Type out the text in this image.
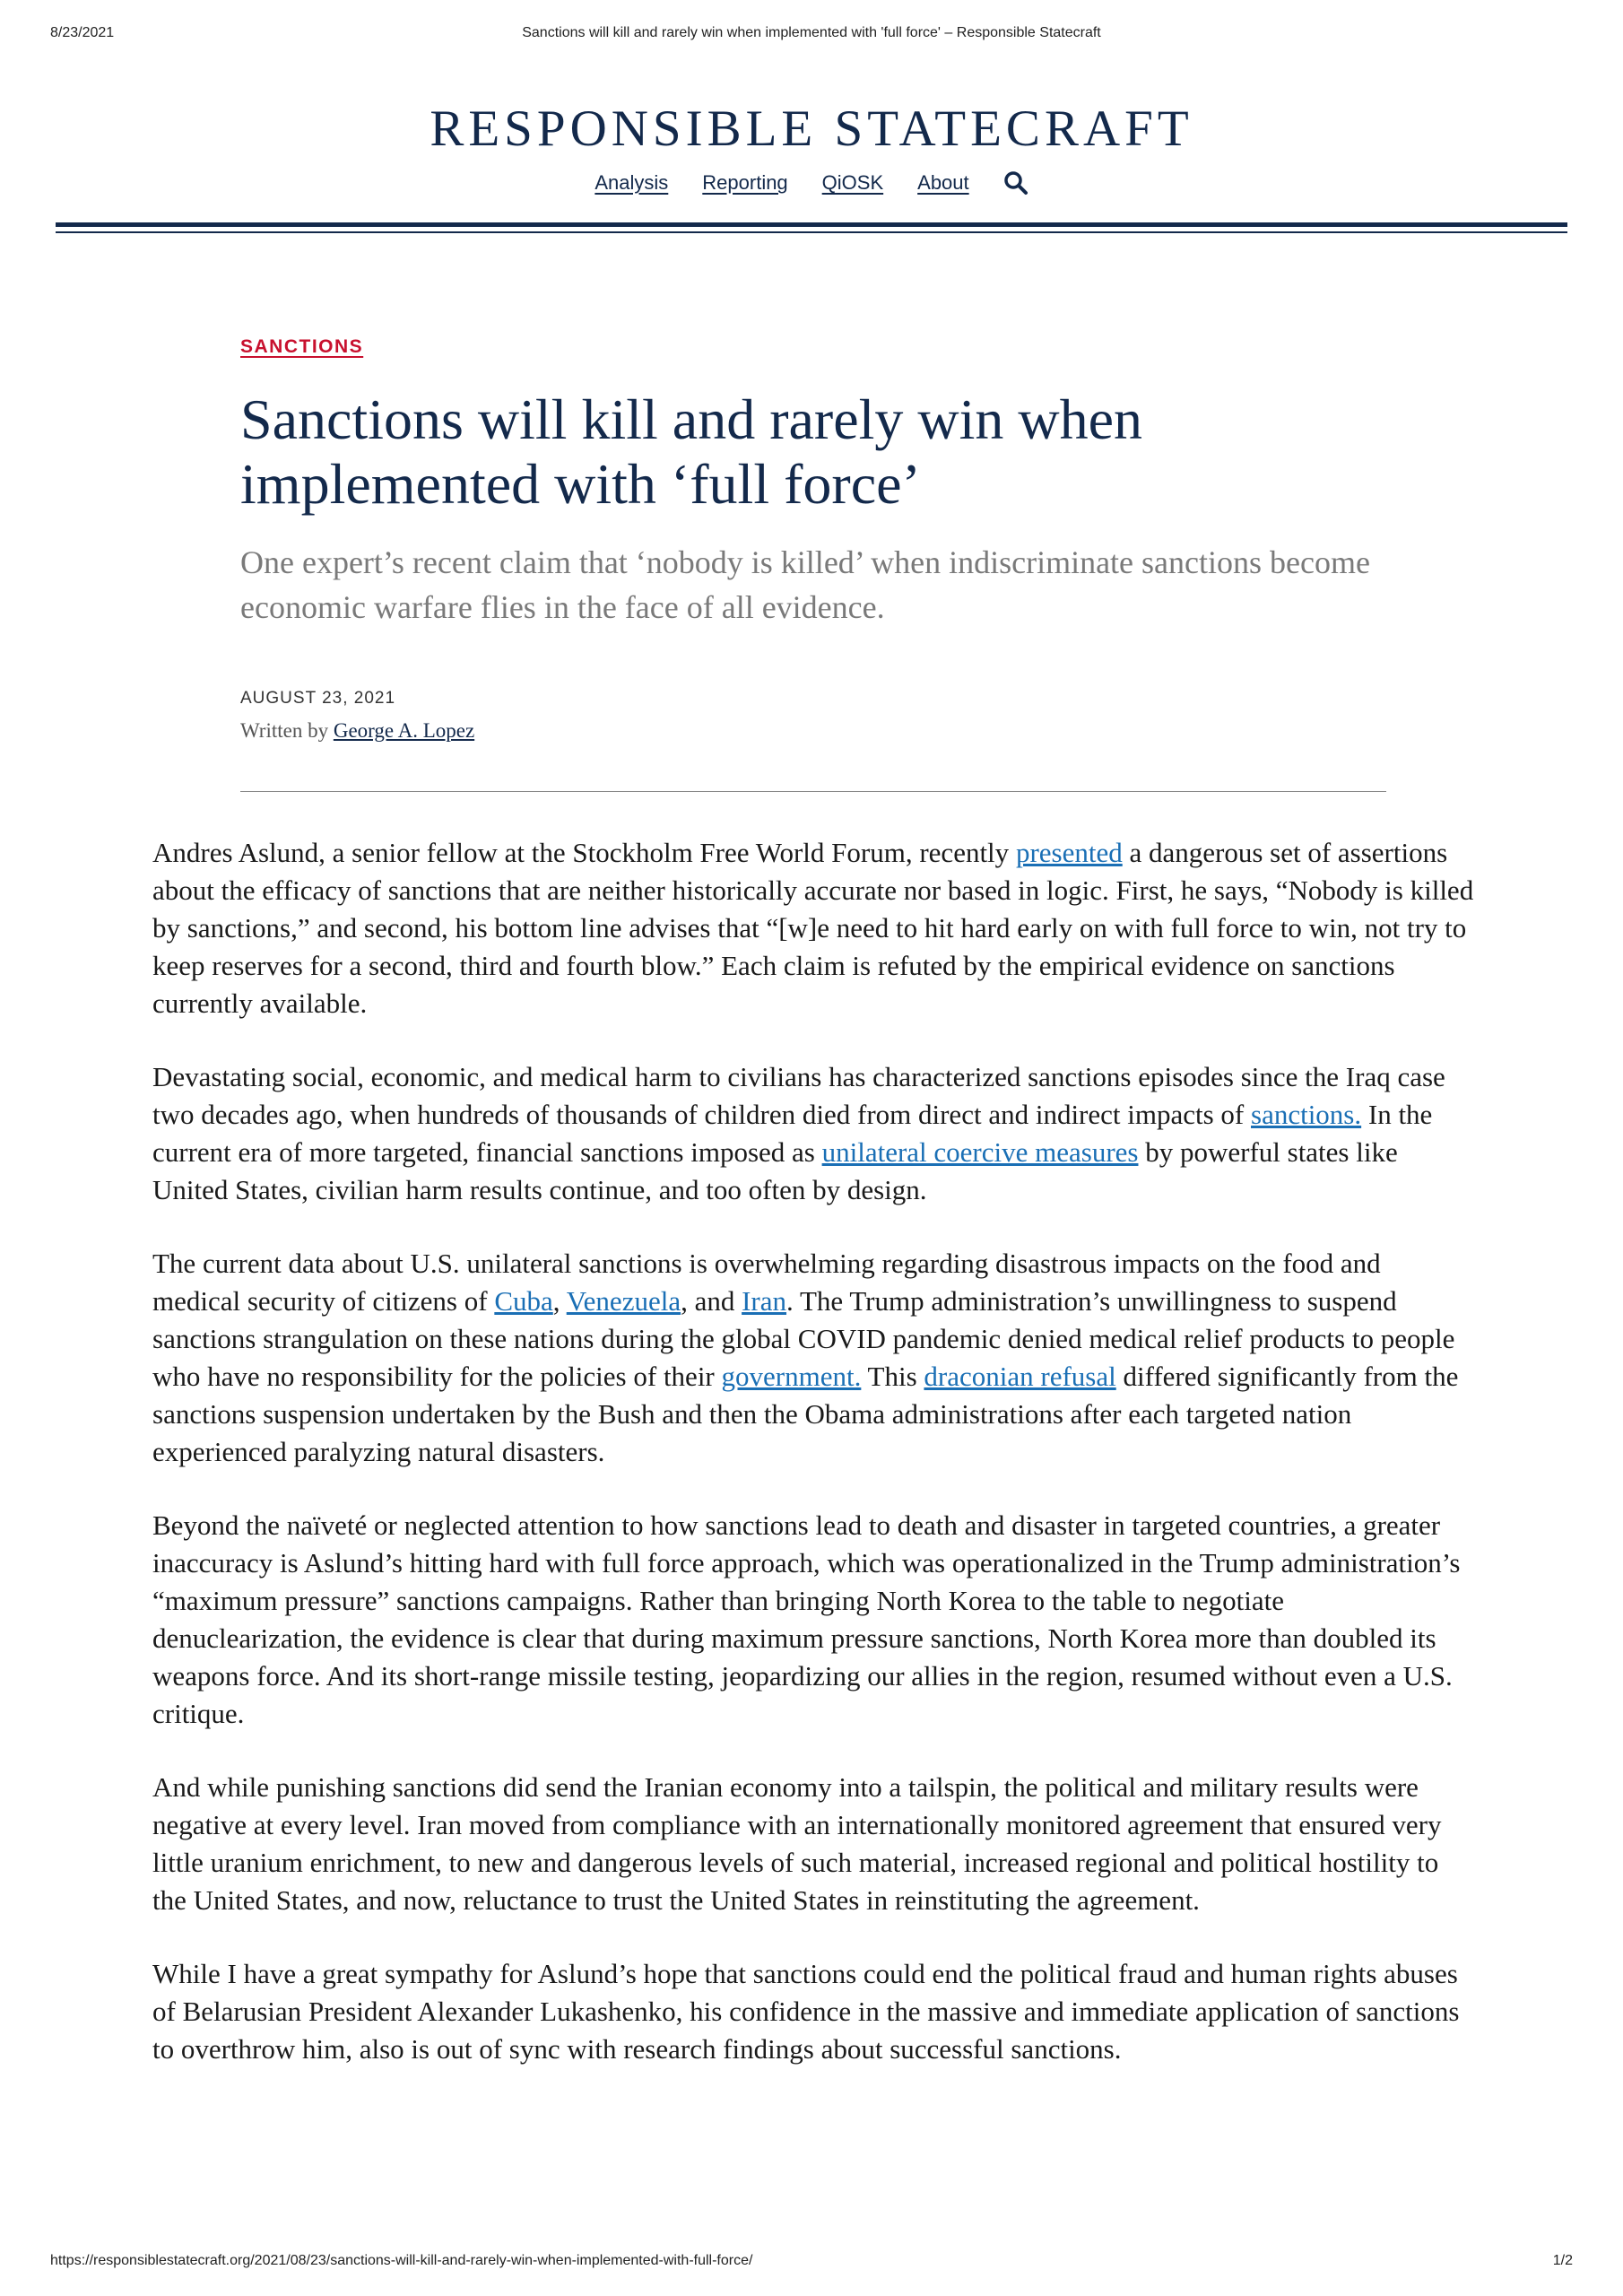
8/23/2021	Sanctions will kill and rarely win when implemented with 'full force' – Responsible Statecraft
RESPONSIBLE STATECRAFT
Analysis Reporting QiOSK About
SANCTIONS
Sanctions will kill and rarely win when implemented with ‘full force’

One expert’s recent claim that ‘nobody is killed’ when indiscriminate sanctions become economic warfare flies in the face of all evidence.

AUGUST 23, 2021
Written by George A. Lopez

Andres Aslund, a senior fellow at the Stockholm Free World Forum, recently presented a dangerous set of assertions about the efficacy of sanctions that are neither historically accurate nor based in logic. First, he says, “Nobody is killed by sanctions,” and second, his bottom line advises that “[w]e need to hit hard early on with full force to win, not try to keep reserves for a second, third and fourth blow.” Each claim is refuted by the empirical evidence on sanctions currently available.

Devastating social, economic, and medical harm to civilians has characterized sanctions episodes since the Iraq case two decades ago, when hundreds of thousands of children died from direct and indirect impacts of sanctions. In the current era of more targeted, financial sanctions imposed as unilateral coercive measures by powerful states like United States, civilian harm results continue, and too often by design.

The current data about U.S. unilateral sanctions is overwhelming regarding disastrous impacts on the food and medical security of citizens of Cuba, Venezuela, and Iran. The Trump administration’s unwillingness to suspend sanctions strangulation on these nations during the global COVID pandemic denied medical relief products to people who have no responsibility for the policies of their government. This draconian refusal differed significantly from the sanctions suspension undertaken by the Bush and then the Obama administrations after each targeted nation experienced paralyzing natural disasters.

Beyond the naïveté or neglected attention to how sanctions lead to death and disaster in targeted countries, a greater inaccuracy is Aslund’s hitting hard with full force approach, which was operationalized in the Trump administration’s “maximum pressure” sanctions campaigns. Rather than bringing North Korea to the table to negotiate denuclearization, the evidence is clear that during maximum pressure sanctions, North Korea more than doubled its weapons force. And its short-range missile testing, jeopardizing our allies in the region, resumed without even a U.S. critique.

And while punishing sanctions did send the Iranian economy into a tailspin, the political and military results were negative at every level. Iran moved from compliance with an internationally monitored agreement that ensured very little uranium enrichment, to new and dangerous levels of such material, increased regional and political hostility to the United States, and now, reluctance to trust the United States in reinstituting the agreement.

While I have a great sympathy for Aslund’s hope that sanctions could end the political fraud and human rights abuses of Belarusian President Alexander Lukashenko, his confidence in the massive and immediate application of sanctions to overthrow him, also is out of sync with research findings about successful sanctions.

https://responsiblestatecraft.org/2021/08/23/sanctions-will-kill-and-rarely-win-when-implemented-with-full-force/	1/2
